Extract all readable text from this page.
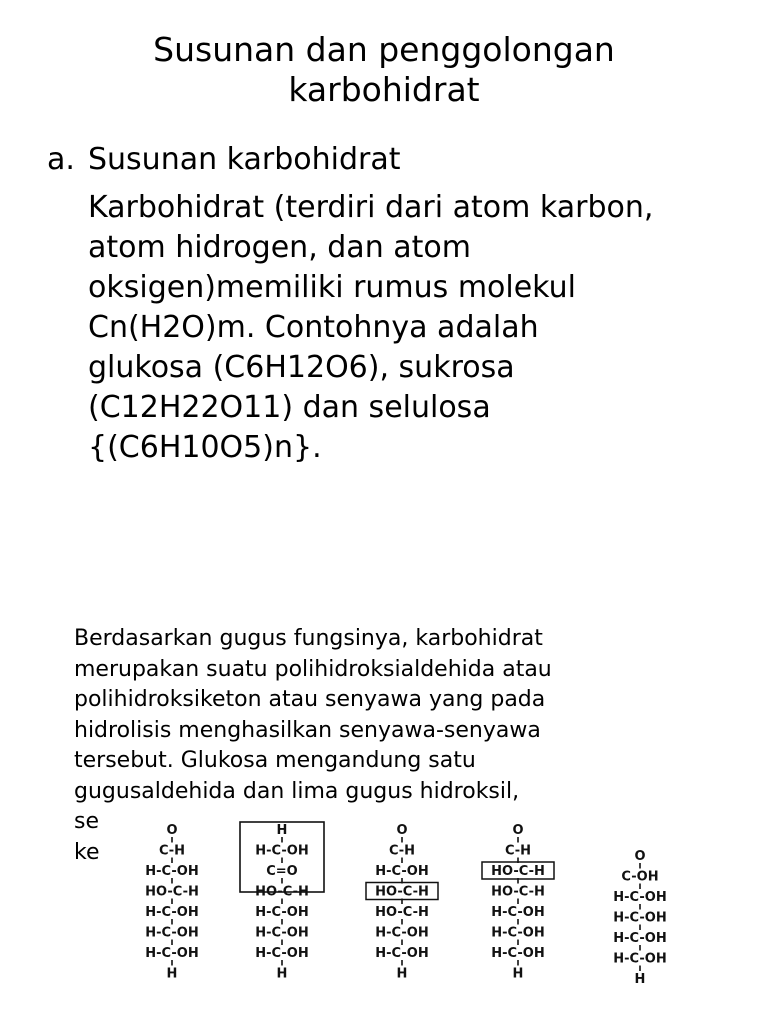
Susunan dan penggolongan
karbohidrat
a. Susunan karbohidrat
Karbohidrat (terdiri dari atom karbon,
atom hidrogen, dan atom
oksigen)memiliki rumus molekul
Cn(H2O)m. Contohnya adalah
glukosa (C6H12O6), sukrosa
(C12H22O11) dan selulosa
{(C6H10O5)n}.
Berdasarkan gugus fungsinya, karbohidrat
merupakan suatu polihidroksialdehida atau
polihidroksiketon atau senyawa yang pada
hidrolisis menghasilkan senyawa-senyawa
tersebut. Glukosa mengandung satu
gugusaldehida dan lima gugus hidroksil,
se
ke
O
C-H
H-C-OH
HO-C-H
H-C-OH
H-C-OH
H-C-OH
H
H
H-C-OH
C=O
HO-C-H
H-C-OH
H-C-OH
H-C-OH
H
O
C-H
H-C-OH
HO-C-H
HO-C-H
H-C-OH
H-C-OH
H
O
C-H
HO-C-H
HO-C-H
H-C-OH
H-C-OH
H-C-OH
H
O
C-OH
H-C-OH
H-C-OH
H-C-OH
H-C-OH
H
